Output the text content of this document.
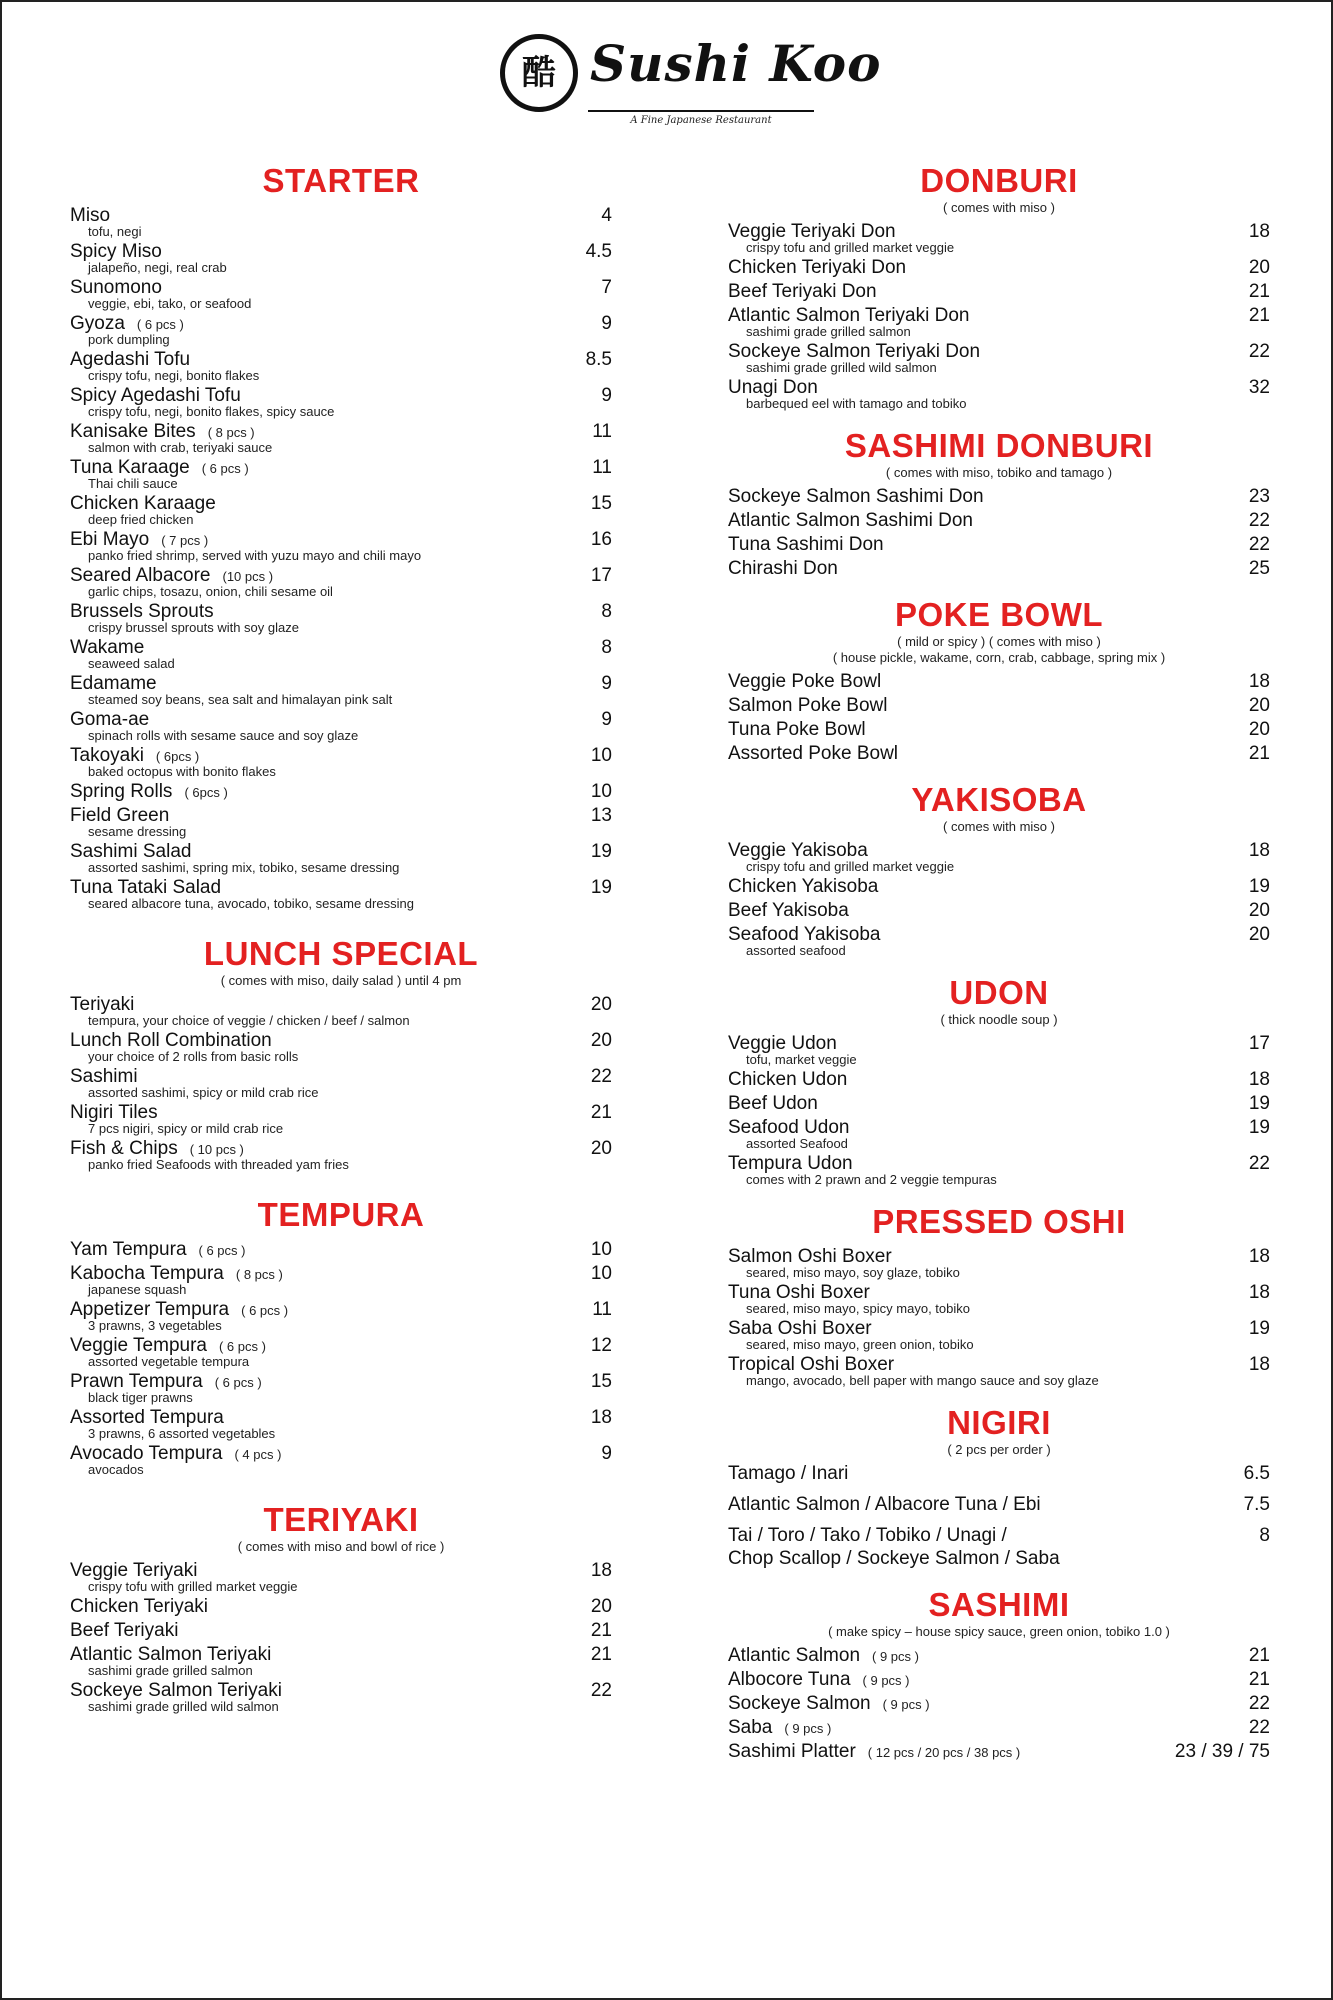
酷 Sushi Koo
A Fine Japanese Restaurant
STARTER
Miso	4
tofu, negi
Spicy Miso	4.5
jalapeño, negi, real crab
Sunomono	7
veggie, ebi, tako, or seafood
Gyoza ( 6 pcs )	9
pork dumpling
Agedashi Tofu	8.5
crispy tofu, negi, bonito flakes
Spicy Agedashi Tofu	9
crispy tofu, negi, bonito flakes, spicy sauce
Kanisake Bites ( 8 pcs )	11
salmon with crab, teriyaki sauce
Tuna Karaage ( 6 pcs )	11
Thai chili sauce
Chicken Karaage	15
deep fried chicken
Ebi Mayo ( 7 pcs )	16
panko fried shrimp, served with yuzu mayo and chili mayo
Seared Albacore (10 pcs )	17
garlic chips, tosazu, onion, chili sesame oil
Brussels Sprouts	8
crispy brussel sprouts with soy glaze
Wakame	8
seaweed salad
Edamame	9
steamed soy beans, sea salt and himalayan pink salt
Goma-ae	9
spinach rolls with sesame sauce and soy glaze
Takoyaki ( 6pcs )	10
baked octopus with bonito flakes
Spring Rolls ( 6pcs )	10
Field Green	13
sesame dressing
Sashimi Salad	19
assorted sashimi, spring mix, tobiko, sesame dressing
Tuna Tataki Salad	19
seared albacore tuna, avocado, tobiko, sesame dressing
LUNCH SPECIAL
( comes with miso, daily salad ) until 4 pm
Teriyaki	20
tempura, your choice of veggie / chicken / beef / salmon
Lunch Roll Combination	20
your choice of 2 rolls from basic rolls
Sashimi	22
assorted sashimi, spicy or mild crab rice
Nigiri Tiles	21
7 pcs nigiri, spicy or mild crab rice
Fish & Chips ( 10 pcs )	20
panko fried Seafoods with threaded yam fries
TEMPURA
Yam Tempura ( 6 pcs )	10
Kabocha Tempura ( 8 pcs )	10
japanese squash
Appetizer Tempura ( 6 pcs )	11
3 prawns, 3 vegetables
Veggie Tempura ( 6 pcs )	12
assorted vegetable tempura
Prawn Tempura ( 6 pcs )	15
black tiger prawns
Assorted Tempura	18
3 prawns, 6 assorted vegetables
Avocado Tempura ( 4 pcs )	9
avocados
TERIYAKI
( comes with miso and bowl of rice )
Veggie Teriyaki	18
crispy tofu with grilled market veggie
Chicken Teriyaki	20
Beef Teriyaki	21
Atlantic Salmon Teriyaki	21
sashimi grade grilled salmon
Sockeye Salmon Teriyaki	22
sashimi grade grilled wild salmon
DONBURI
( comes with miso )
Veggie Teriyaki Don	18
crispy tofu and grilled market veggie
Chicken Teriyaki Don	20
Beef Teriyaki Don	21
Atlantic Salmon Teriyaki Don	21
sashimi grade grilled salmon
Sockeye Salmon Teriyaki Don	22
sashimi grade grilled wild salmon
Unagi Don	32
barbequed eel with tamago and tobiko
SASHIMI DONBURI
( comes with miso, tobiko and tamago )
Sockeye Salmon Sashimi Don	23
Atlantic Salmon Sashimi Don	22
Tuna Sashimi Don	22
Chirashi Don	25
POKE BOWL
( mild or spicy ) ( comes with miso )
( house pickle, wakame, corn, crab, cabbage, spring mix )
Veggie Poke Bowl	18
Salmon Poke Bowl	20
Tuna Poke Bowl	20
Assorted Poke Bowl	21
YAKISOBA
( comes with miso )
Veggie Yakisoba	18
crispy tofu and grilled market veggie
Chicken Yakisoba	19
Beef Yakisoba	20
Seafood Yakisoba	20
assorted seafood
UDON
( thick noodle soup )
Veggie Udon	17
tofu, market veggie
Chicken Udon	18
Beef Udon	19
Seafood Udon	19
assorted Seafood
Tempura Udon	22
comes with 2 prawn and 2 veggie tempuras
PRESSED OSHI
Salmon Oshi Boxer	18
seared, miso mayo, soy glaze, tobiko
Tuna Oshi Boxer	18
seared, miso mayo, spicy mayo, tobiko
Saba Oshi Boxer	19
seared, miso mayo, green onion, tobiko
Tropical Oshi Boxer	18
mango, avocado, bell paper with mango sauce and soy glaze
NIGIRI
( 2 pcs per order )
Tamago / Inari	6.5
Atlantic Salmon / Albacore Tuna / Ebi	7.5
Tai / Toro / Tako / Tobiko / Unagi /
Chop Scallop / Sockeye Salmon / Saba
8
SASHIMI
( make spicy – house spicy sauce, green onion, tobiko 1.0 )
Atlantic Salmon ( 9 pcs )	21
Albocore Tuna ( 9 pcs )	21
Sockeye Salmon ( 9 pcs )	22
Saba ( 9 pcs )	22
Sashimi Platter ( 12 pcs / 20 pcs / 38 pcs )	23 / 39 / 75
